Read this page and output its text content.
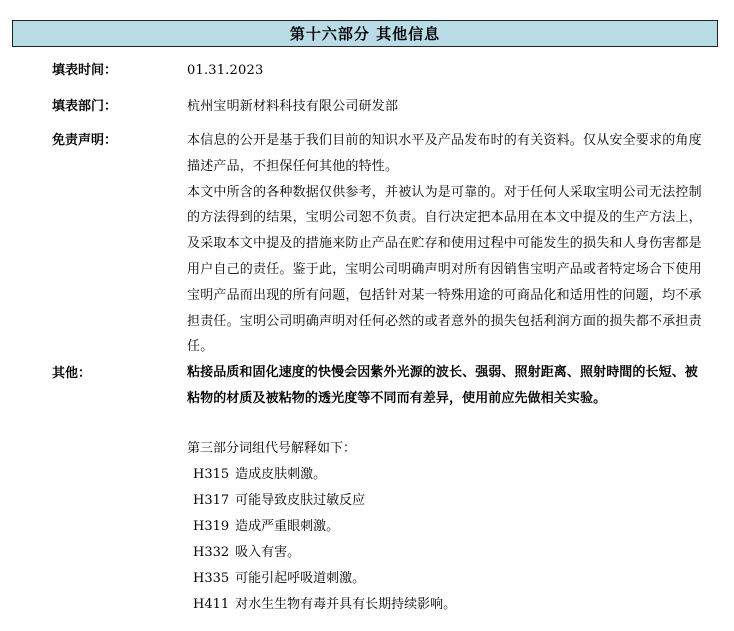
第十六部分 其他信息
填表时间：	01.31.2023
填表部门：	杭州宝明新材料科技有限公司研发部
免责声明：	本信息的公开是基于我们目前的知识水平及产品发布时的有关资料。仅从安全要求的角度描述产品，不担保任何其他的特性。

本文中所含的各种数据仅供参考，并被认为是可靠的。对于任何人采取宝明公司无法控制的方法得到的结果，宝明公司恕不负责。自行决定把本品用在本文中提及的生产方法上，及采取本文中提及的措施来防止产品在贮存和使用过程中可能发生的损失和人身伤害都是用户自己的责任。鉴于此，宝明公司明确声明对所有因销售宝明产品或者特定场合下使用宝明产品而出现的所有问题，包括针对某一特殊用途的可商品化和适用性的问题，均不承担责任。宝明公司明确声明对任何必然的或者意外的损失包括利润方面的损失都不承担责任。

其他：	粘接品质和固化速度的快慢会因紫外光源的波长、强弱、照射距离、照射時間的长短、被粘物的材质及被粘物的透光度等不同而有差异，使用前应先做相关实验。
第三部分词组代号解释如下：
H315 造成皮肤刺激。
H317 可能导致皮肤过敏反应
H319 造成严重眼刺激。
H332 吸入有害。
H335 可能引起呼吸道刺激。
H411 对水生生物有毒并具有长期持续影响。
